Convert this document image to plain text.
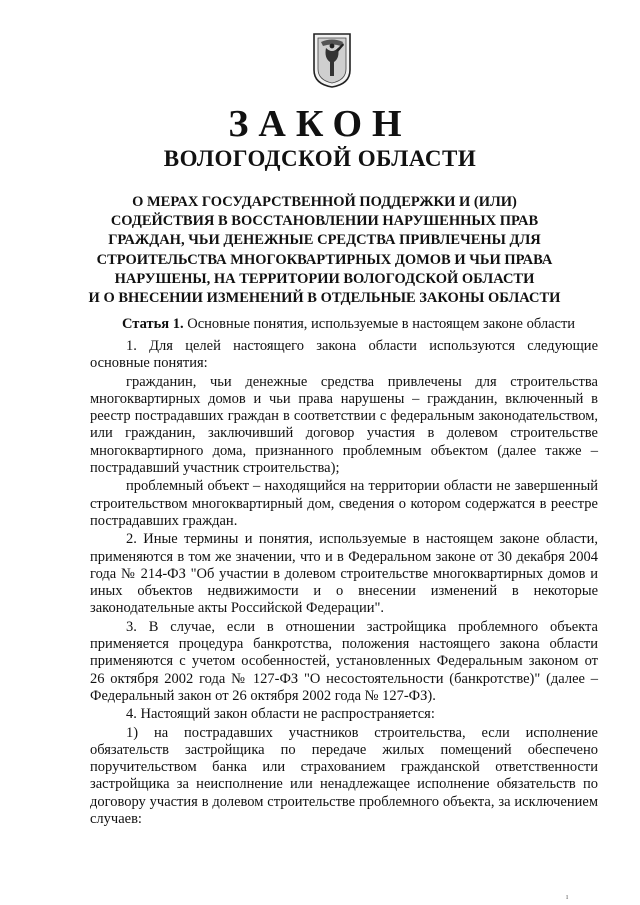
ЗАКОН
ВОЛОГОДСКОЙ ОБЛАСТИ
О МЕРАХ ГОСУДАРСТВЕННОЙ ПОДДЕРЖКИ И (ИЛИ)
СОДЕЙСТВИЯ В ВОССТАНОВЛЕНИИ НАРУШЕННЫХ ПРАВ
ГРАЖДАН, ЧЬИ ДЕНЕЖНЫЕ СРЕДСТВА ПРИВЛЕЧЕНЫ ДЛЯ
СТРОИТЕЛЬСТВА МНОГОКВАРТИРНЫХ ДОМОВ И ЧЬИ ПРАВА
НАРУШЕНЫ, НА ТЕРРИТОРИИ ВОЛОГОДСКОЙ ОБЛАСТИ
И О ВНЕСЕНИИ ИЗМЕНЕНИЙ В ОТДЕЛЬНЫЕ ЗАКОНЫ ОБЛАСТИ
Статья 1. Основные понятия, используемые в настоящем законе области

1. Для целей настоящего закона области используются следующие основные понятия:

гражданин, чьи денежные средства привлечены для строительства многоквартирных домов и чьи права нарушены – гражданин, включенный в реестр пострадавших граждан в соответствии с федеральным законодательством, или гражданин, заключивший договор участия в долевом строительстве многоквартирного дома, признанного проблемным объектом (далее также – пострадавший участник строительства);

проблемный объект – находящийся на территории области не завершенный строительством многоквартирный дом, сведения о котором содержатся в реестре пострадавших граждан.

2. Иные термины и понятия, используемые в настоящем законе области, применяются в том же значении, что и в Федеральном законе от 30 декабря 2004 года № 214-ФЗ "Об участии в долевом строительстве многоквартирных домов и иных объектов недвижимости и о внесении изменений в некоторые законодательные акты Российской Федерации".

3. В случае, если в отношении застройщика проблемного объекта применяется процедура банкротства, положения настоящего закона области применяются с учетом особенностей, установленных Федеральным законом от 26 октября 2002 года № 127-ФЗ "О несостоятельности (банкротстве)" (далее – Федеральный закон от 26 октября 2002 года № 127-ФЗ).

4. Настоящий закон области не распространяется:

1) на пострадавших участников строительства, если исполнение обязательств застройщика по передаче жилых помещений обеспечено поручительством банка или страхованием гражданской ответственности застройщика за неисполнение или ненадлежащее исполнение обязательств по договору участия в долевом строительстве проблемного объекта, за исключением случаев:

ı
